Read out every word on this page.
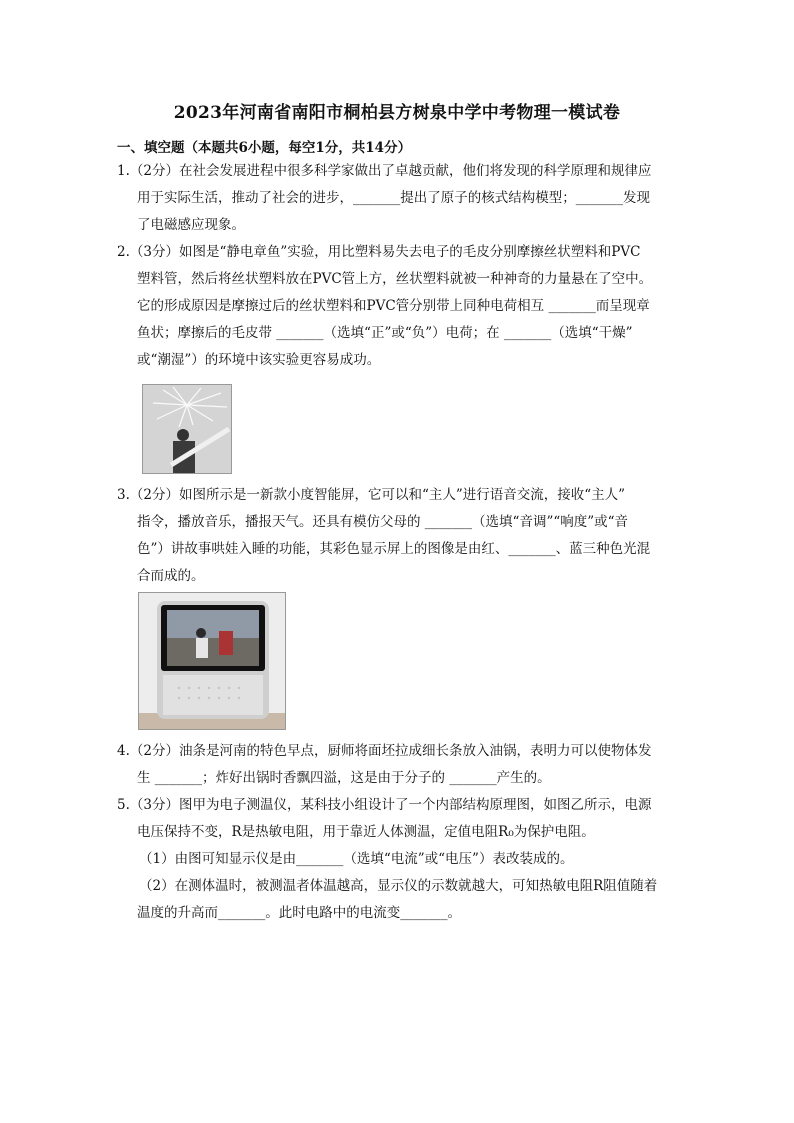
2023年河南省南阳市桐柏县方树泉中学中考物理一模试卷
一、填空题（本题共6小题，每空1分，共14分）
1.（2分）在社会发展进程中很多科学家做出了卓越贡献，他们将发现的科学原理和规律应
用于实际生活，推动了社会的进步，_______提出了原子的核式结构模型；_______发现
了电磁感应现象。
2.（3分）如图是“静电章鱼”实验，用比塑料易失去电子的毛皮分别摩擦丝状塑料和PVC
塑料管，然后将丝状塑料放在PVC管上方，丝状塑料就被一种神奇的力量悬在了空中。
它的形成原因是摩擦过后的丝状塑料和PVC管分别带上同种电荷相互 _______而呈现章
鱼状；摩擦后的毛皮带 _______（选填“正”或“负”）电荷；在 _______（选填“干燥”
或“潮湿”）的环境中该实验更容易成功。
3.（2分）如图所示是一新款小度智能屏，它可以和“主人”进行语音交流，接收“主人”
指令，播放音乐，播报天气。还具有模仿父母的 _______（选填“音调”“响度”或“音
色”）讲故事哄娃入睡的功能，其彩色显示屏上的图像是由红、_______、蓝三种色光混
合而成的。
4.（2分）油条是河南的特色早点，厨师将面坯拉成细长条放入油锅，表明力可以使物体发
生 _______；炸好出锅时香飘四溢，这是由于分子的 _______产生的。
5.（3分）图甲为电子测温仪，某科技小组设计了一个内部结构原理图，如图乙所示，电源
电压保持不变，R是热敏电阻，用于靠近人体测温，定值电阻R₀为保护电阻。
（1）由图可知显示仪是由_______（选填“电流”或“电压”）表改装成的。
（2）在测体温时，被测温者体温越高，显示仪的示数就越大，可知热敏电阻R阻值随着
温度的升高而_______。此时电路中的电流变_______。
